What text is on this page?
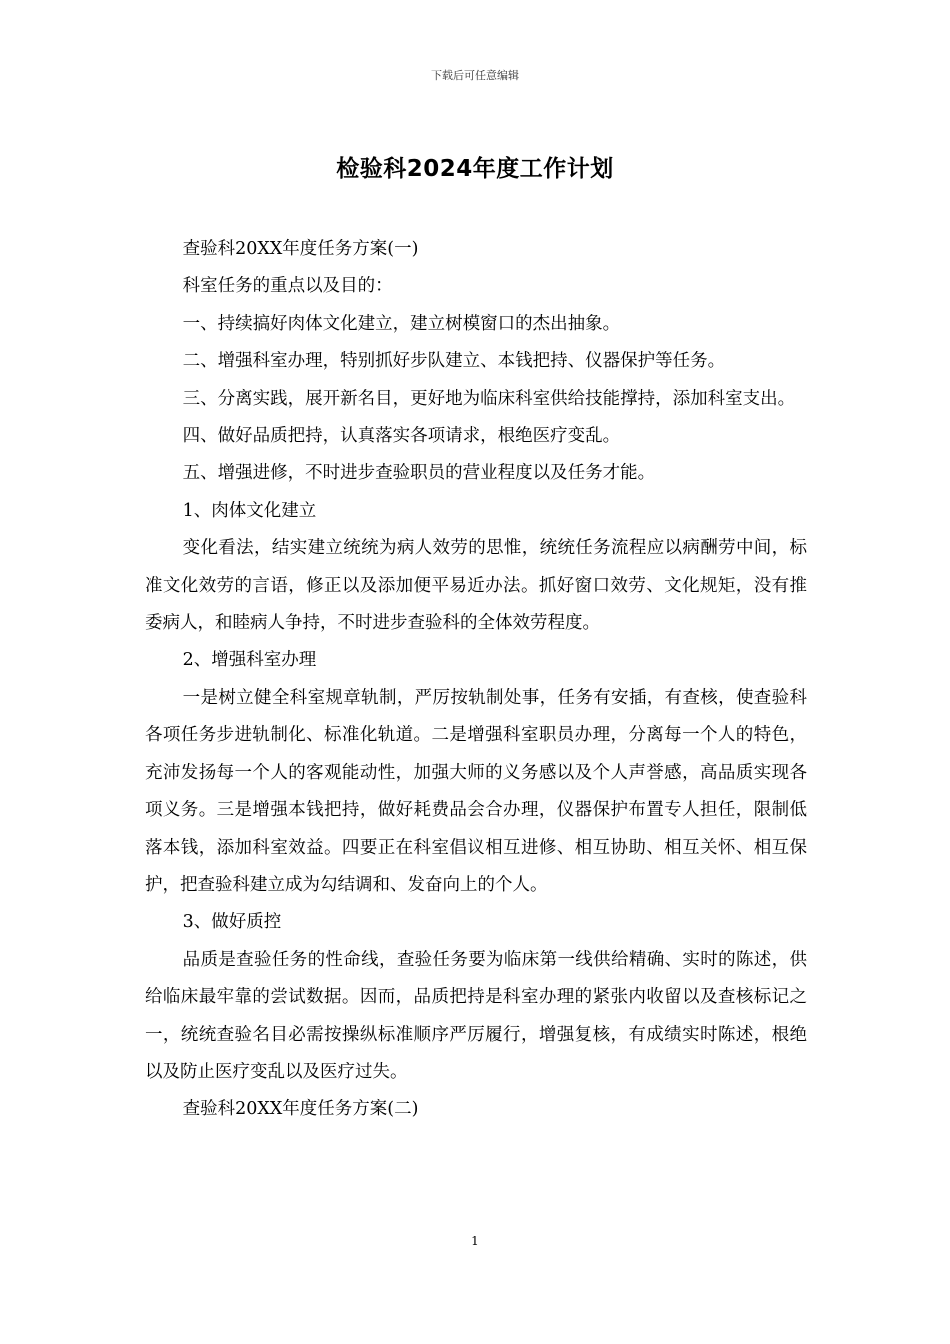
下载后可任意编辑
检验科2024年度工作计划

查验科20XX年度任务方案(一)

科室任务的重点以及目的：

一、持续搞好肉体文化建立，建立树模窗口的杰出抽象。

二、增强科室办理，特别抓好步队建立、本钱把持、仪器保护等任务。

三、分离实践，展开新名目，更好地为临床科室供给技能撑持，添加科室支出。

四、做好品质把持，认真落实各项请求，根绝医疗变乱。

五、增强进修，不时进步查验职员的营业程度以及任务才能。

1、肉体文化建立

变化看法，结实建立统统为病人效劳的思惟，统统任务流程应以病酬劳中间，标准文化效劳的言语，修正以及添加便平易近办法。抓好窗口效劳、文化规矩，没有推委病人，和睦病人争持，不时进步查验科的全体效劳程度。

2、增强科室办理

一是树立健全科室规章轨制，严厉按轨制处事，任务有安插，有查核，使查验科各项任务步进轨制化、标准化轨道。二是增强科室职员办理，分离每一个人的特色，充沛发扬每一个人的客观能动性，加强大师的义务感以及个人声誉感，高品质实现各项义务。三是增强本钱把持，做好耗费品会合办理，仪器保护布置专人担任，限制低落本钱，添加科室效益。四要正在科室倡议相互进修、相互协助、相互关怀、相互保护，把查验科建立成为勾结调和、发奋向上的个人。

3、做好质控

品质是查验任务的性命线，查验任务要为临床第一线供给精确、实时的陈述，供给临床最牢靠的尝试数据。因而，品质把持是科室办理的紧张内收留以及查核标记之一，统统查验名目必需按操纵标准顺序严厉履行，增强复核，有成绩实时陈述，根绝以及防止医疗变乱以及医疗过失。

查验科20XX年度任务方案(二)

1
